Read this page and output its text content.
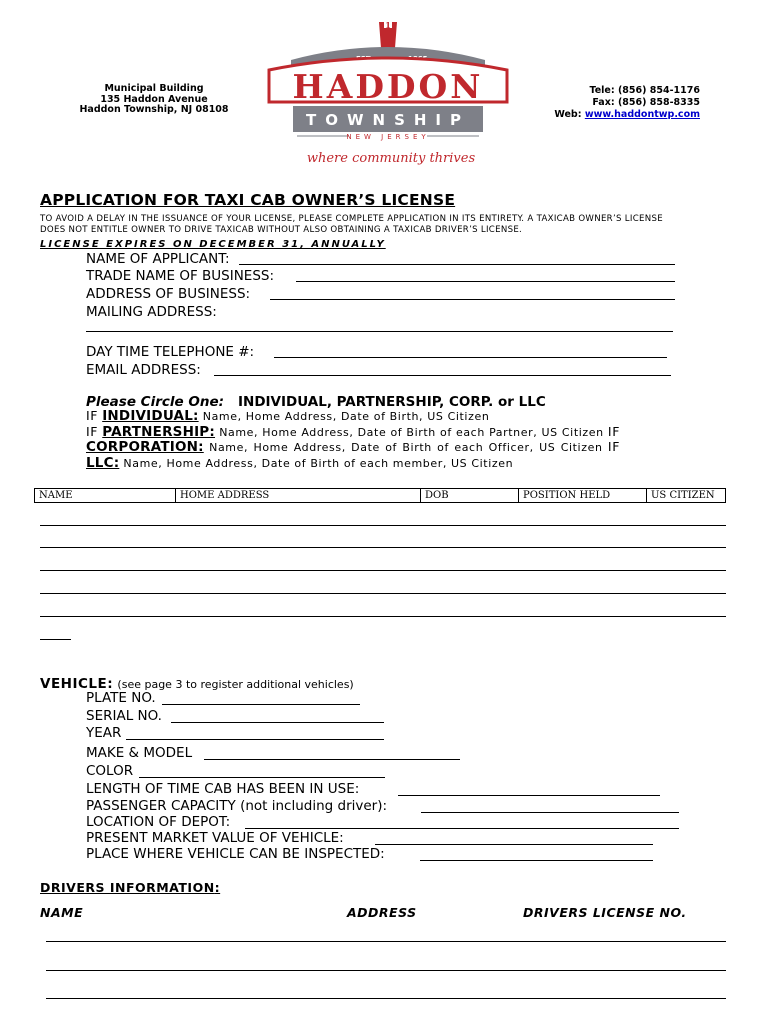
Municipal Building
135 Haddon Avenue
Haddon Township, NJ 08108
1
HADDON
TOWNSHIP
NEW JERSEY
where community thrives
Tele: (856) 854-1176
Fax: (856) 858-8335
Web: www.haddontwp.com
APPLICATION FOR TAXI CAB OWNER’S LICENSE
TO AVOID A DELAY IN THE ISSUANCE OF YOUR LICENSE, PLEASE COMPLETE APPLICATION IN ITS ENTIRETY. A TAXICAB OWNER’S LICENSE
DOES NOT ENTITLE OWNER TO DRIVE TAXICAB WITHOUT ALSO OBTAINING A TAXICAB DRIVER’S LICENSE.
LICENSE EXPIRES ON DECEMBER 31, ANNUALLY
NAME OF APPLICANT:
TRADE NAME OF BUSINESS:
ADDRESS OF BUSINESS:
MAILING ADDRESS:
DAY TIME TELEPHONE #:
EMAIL ADDRESS:
Please Circle One: INDIVIDUAL, PARTNERSHIP, CORP. or LLC
IF INDIVIDUAL: Name, Home Address, Date of Birth, US Citizen
IF PARTNERSHIP: Name, Home Address, Date of Birth of each Partner, US Citizen IF CORPORATION: Name, Home Address, Date of Birth of each Officer, US Citizen IF LLC: Name, Home Address, Date of Birth of each member, US Citizen
NAME	HOME ADDRESS	DOB	POSITION HELD	US CITIZEN
VEHICLE: (see page 3 to register additional vehicles)
PLATE NO.
SERIAL NO.
YEAR
MAKE & MODEL
COLOR
LENGTH OF TIME CAB HAS BEEN IN USE:
PASSENGER CAPACITY (not including driver):
LOCATION OF DEPOT:
PRESENT MARKET VALUE OF VEHICLE:
PLACE WHERE VEHICLE CAN BE INSPECTED:
DRIVERS INFORMATION:
NAME	ADDRESS	DRIVERS LICENSE NO.
